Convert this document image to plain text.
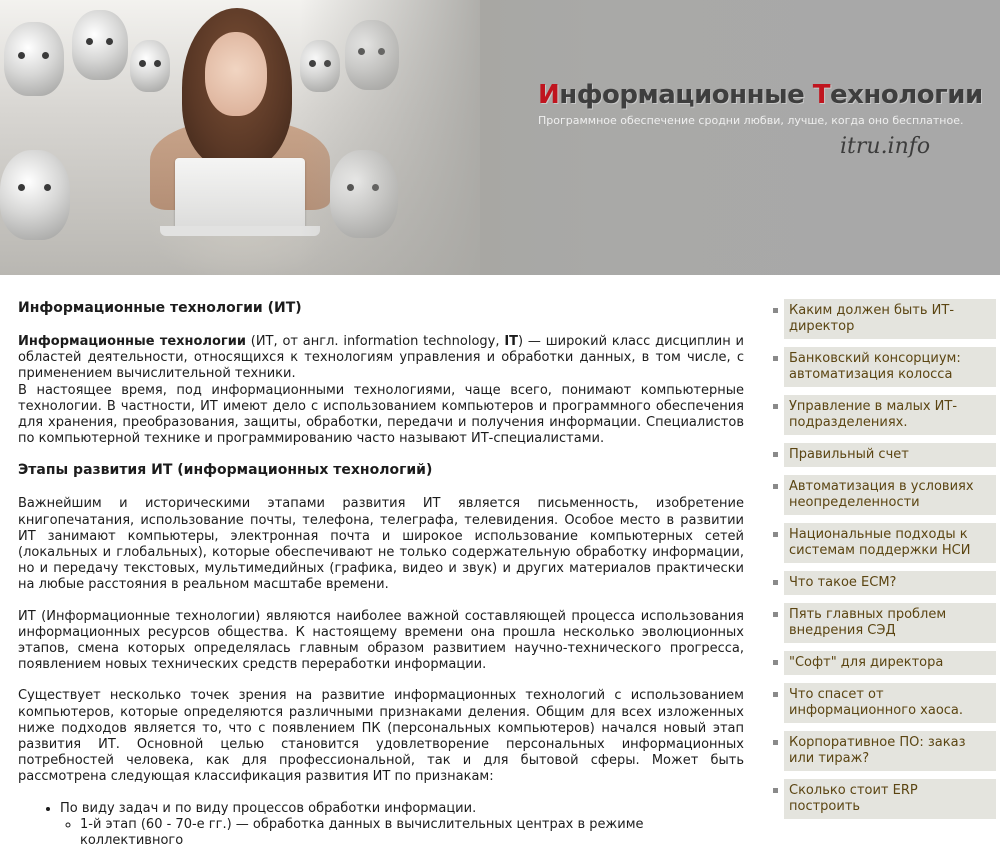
Информационные Технологии
Программное обеспечение сродни любви, лучше, когда оно бесплатное.
itru.info
Информационные технологии (ИТ)

Информационные технологии (ИТ, от англ. information technology, IT) — широкий класс дисциплин и областей деятельности, относящихся к технологиям управления и обработки данных, в том числе, с применением вычислительной техники.

В настоящее время, под информационными технологиями, чаще всего, понимают компьютерные технологии. В частности, ИТ имеют дело с использованием компьютеров и программного обеспечения для хранения, преобразования, защиты, обработки, передачи и получения информации. Специалистов по компьютерной технике и программированию часто называют ИТ-специалистами.

Этапы развития ИТ (информационных технологий)

Важнейшим и историческими этапами развития ИТ является письменность, изобретение книгопечатания, использование почты, телефона, телеграфа, телевидения. Особое место в развитии ИТ занимают компьютеры, электронная почта и широкое использование компьютерных сетей (локальных и глобальных), которые обеспечивают не только содержательную обработку информации, но и передачу текстовых, мультимедийных (графика, видео и звук) и других материалов практически на любые расстояния в реальном масштабе времени.

ИТ (Информационные технологии) являются наиболее важной составляющей процесса использования информационных ресурсов общества. К настоящему времени она прошла несколько эволюционных этапов, смена которых определялась главным образом развитием научно-технического прогресса, появлением новых технических средств переработки информации.

Существует несколько точек зрения на развитие информационных технологий с использованием компьютеров, которые определяются различными признаками деления. Общим для всех изложенных ниже подходов является то, что с появлением ПК (персональных компьютеров) начался новый этап развития ИТ. Основной целью становится удовлетворение персональных информационных потребностей человека, как для профессиональной, так и для бытовой сферы. Может быть рассмотрена следующая классификация развития ИТ по признакам:

• По виду задач и по виду процессов обработки информации.
◦ 1-й этап (60 - 70-е гг.) — обработка данных в вычислительных центрах в режиме коллективного
Каким должен быть ИТ-директор
Банковский консорциум: автоматизация колосса
Управление в малых ИТ-подразделениях.
Правильный счет
Автоматизация в условиях неопределенности
Национальные подходы к системам поддержки НСИ
Что такое ECM?
Пять главных проблем внедрения СЭД
"Софт" для директора
Что спасет от информационного хаоса.
Корпоративное ПО: заказ или тираж?
Сколько стоит ERP построить
